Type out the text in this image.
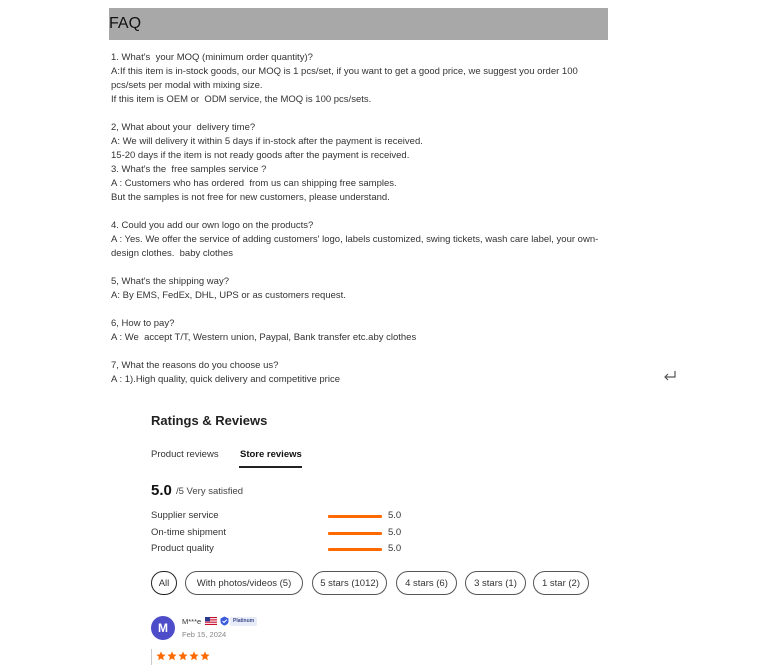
FAQ
1. What's  your MOQ (minimum order quantity)?
A:If this item is in-stock goods, our MOQ is 1 pcs/set, if you want to get a good price, we suggest you order 100 pcs/sets per modal with mixing size.
If this item is OEM or  ODM service, the MOQ is 100 pcs/sets.
2, What about your  delivery time?
A: We will delivery it within 5 days if in-stock after the payment is received.
15-20 days if the item is not ready goods after the payment is received.
3. What's the  free samples service ?
A : Customers who has ordered  from us can shipping free samples.
But the samples is not free for new customers, please understand.
4. Could you add our own logo on the products?
A : Yes. We offer the service of adding customers' logo, labels customized, swing tickets, wash care label, your own-design clothes.  baby clothes
5, What's the shipping way?
A: By EMS, FedEx, DHL, UPS or as customers request.
6, How to pay?
A : We  accept T/T, Western union, Paypal, Bank transfer etc.aby clothes
7, What the reasons do you choose us?
A : 1).High quality, quick delivery and competitive price
Ratings & Reviews
Product reviews Store reviews
5.0 /5 Very satisfied
Supplier service	5.0
On-time shipment	5.0
Product quality	5.0
All	With photos/videos (5)	5 stars (1012)	4 stars (6)	3 stars (1)	1 star (2)
M	M***e	Platinum
Feb 15, 2024
